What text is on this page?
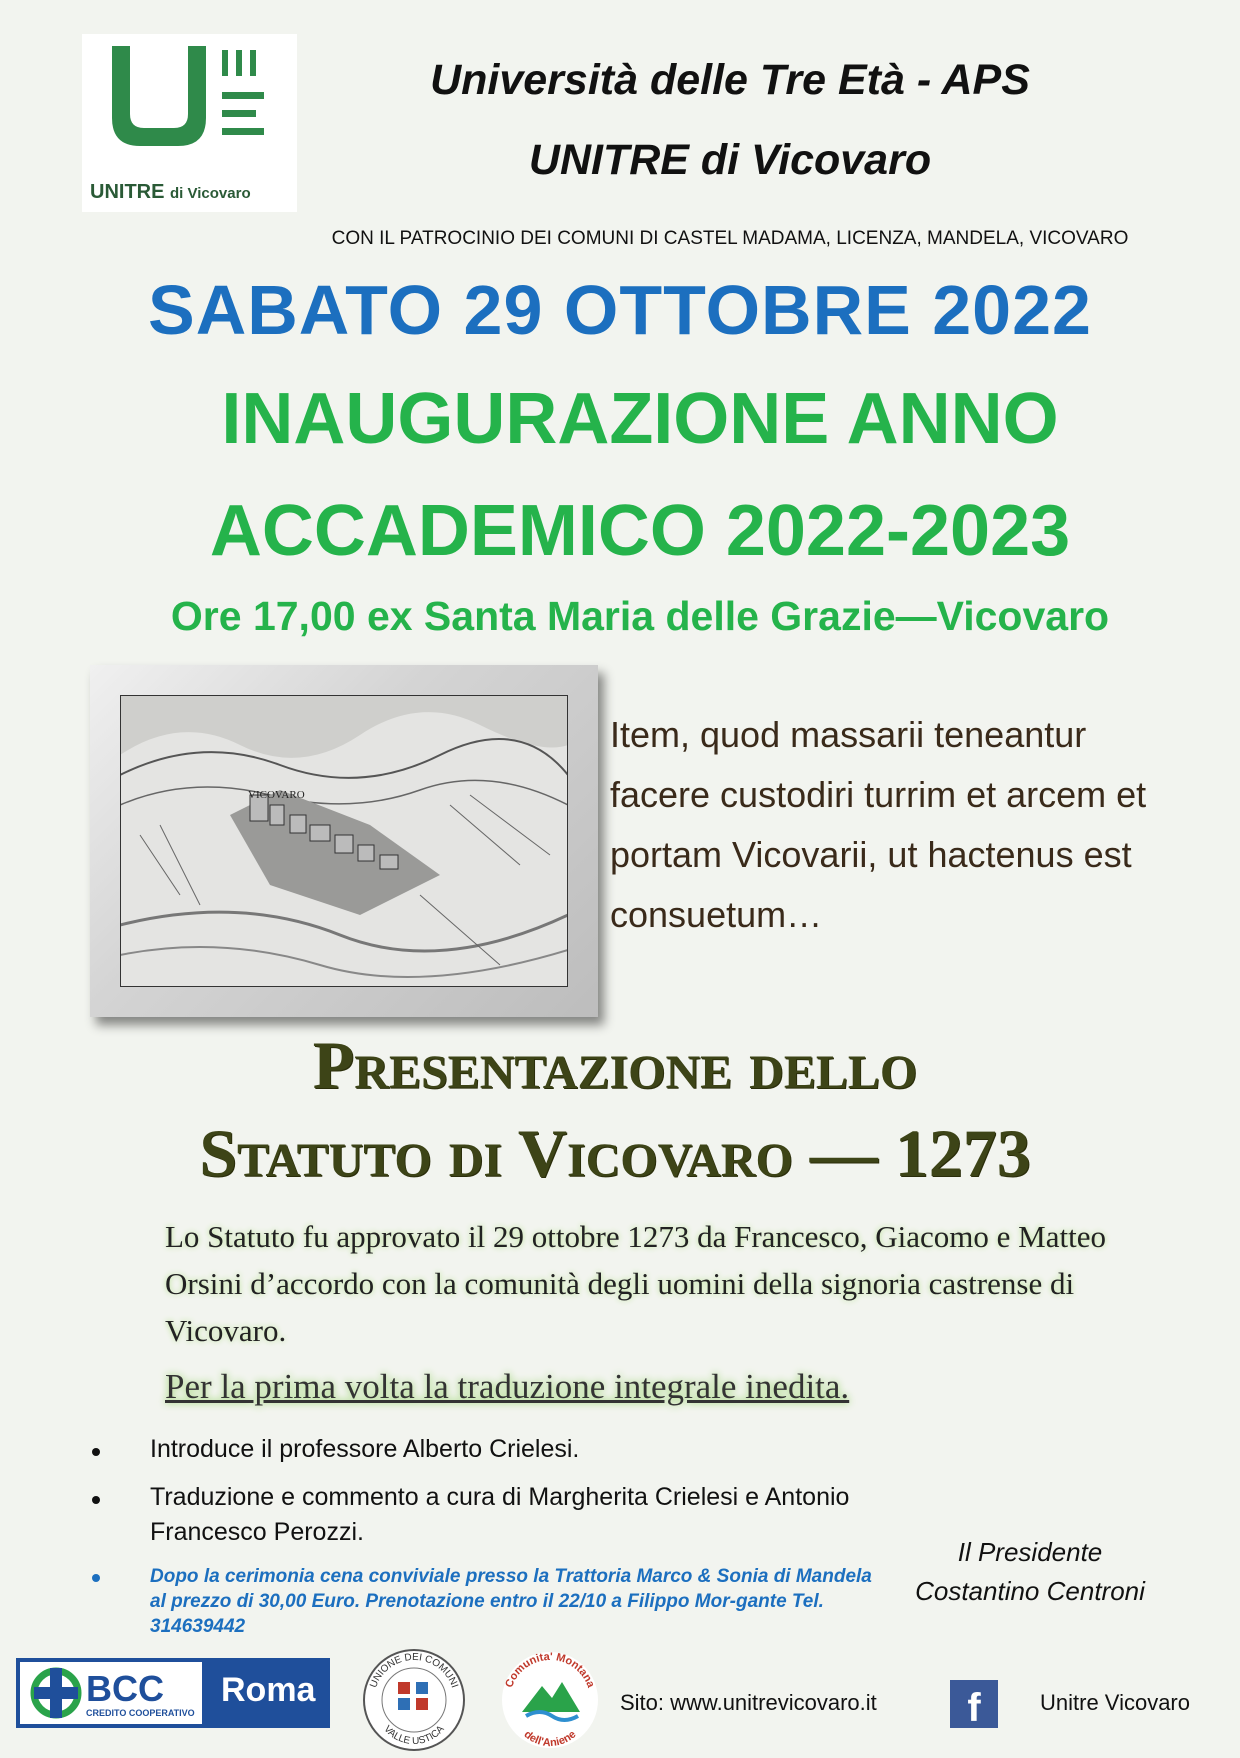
UNITRE di Vicovaro
Università delle Tre Età - APS
UNITRE di Vicovaro
CON IL PATROCINIO DEI COMUNI DI CASTEL MADAMA, LICENZA, MANDELA, VICOVARO
SABATO 29 OTTOBRE 2022
INAUGURAZIONE ANNO
ACCADEMICO 2022-2023
Ore 17,00 ex Santa Maria delle Grazie—Vicovaro
VICOVARO
Item, quod massarii teneantur facere custodiri turrim et arcem et portam Vicovarii, ut hactenus est consuetum…
Presentazione dello
Statuto di Vicovaro — 1273
Lo Statuto fu approvato il 29 ottobre 1273 da Francesco, Giacomo e Matteo Orsini d’accordo con la comunità degli uomini della signoria castrense di Vicovaro.
Per la prima volta la traduzione integrale inedita.
Introduce il professore Alberto Crielesi.
Traduzione e commento a cura di Margherita Crielesi e Antonio Francesco Perozzi.
Dopo la cerimonia cena conviviale presso la Trattoria Marco & Sonia di Mandela al prezzo di 30,00 Euro. Prenotazione entro il 22/10 a Filippo Mor-gante Tel. 314639442
Il Presidente
Costantino Centroni
BCC
CREDITO COOPERATIVO
Roma	UNIONE DEI COMUNI
VALLE USTICA
Comunita' Montana
dell'Aniene
Sito: www.unitrevicovaro.it	f	Unitre Vicovaro
